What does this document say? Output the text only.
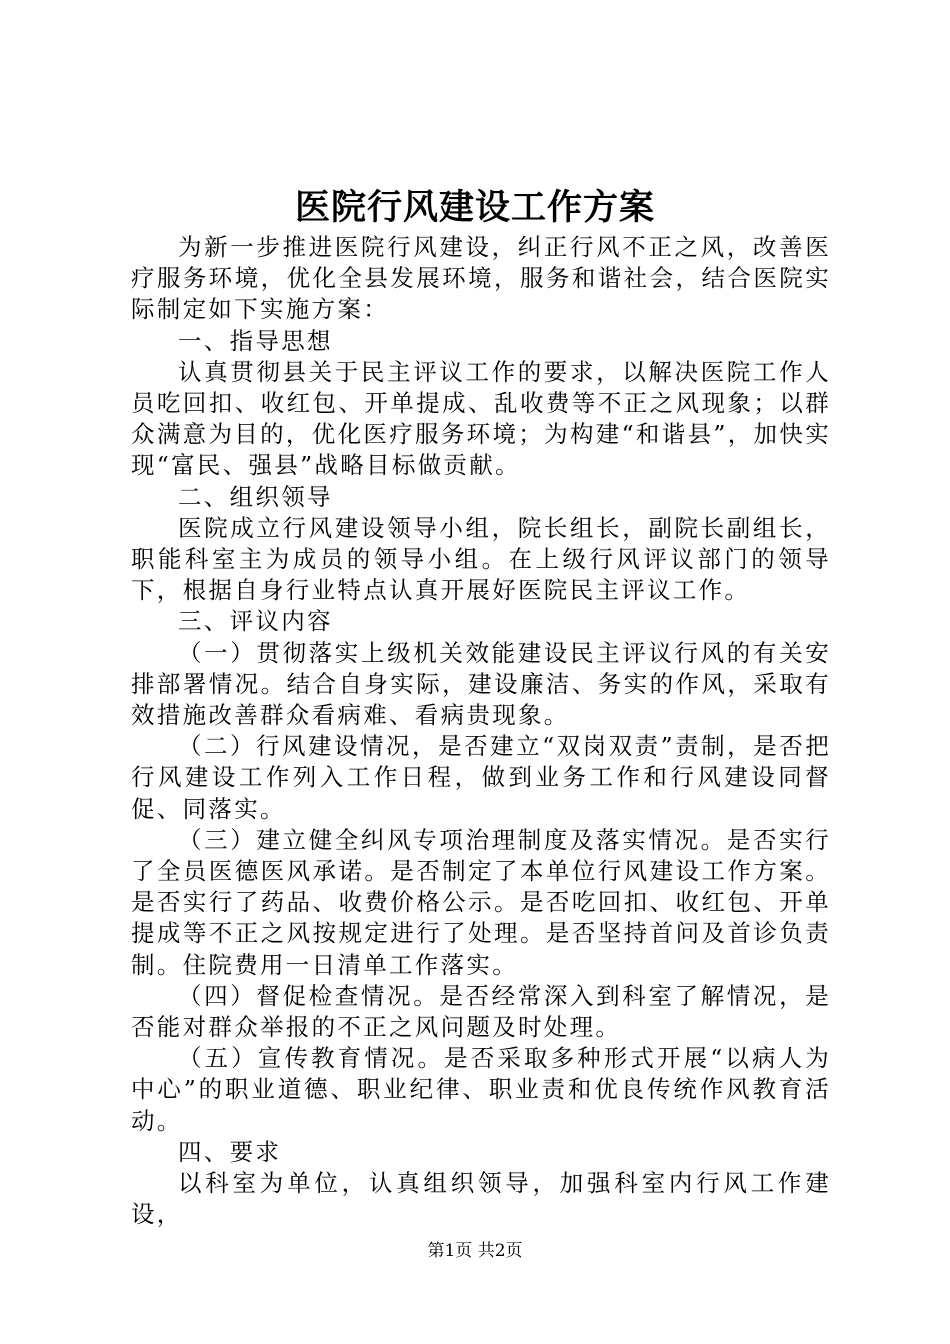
医院行风建设工作方案

为新一步推进医院行风建设，纠正行风不正之风，改善医疗服务环境，优化全县发展环境，服务和谐社会，结合医院实际制定如下实施方案：

一、指导思想

认真贯彻县关于民主评议工作的要求，以解决医院工作人员吃回扣、收红包、开单提成、乱收费等不正之风现象；以群众满意为目的，优化医疗服务环境；为构建“和谐县”，加快实现“富民、强县”战略目标做贡献。

二、组织领导

医院成立行风建设领导小组，院长组长，副院长副组长，职能科室主为成员的领导小组。在上级行风评议部门的领导下，根据自身行业特点认真开展好医院民主评议工作。

三、评议内容

（一）贯彻落实上级机关效能建设民主评议行风的有关安排部署情况。结合自身实际，建设廉洁、务实的作风，采取有效措施改善群众看病难、看病贵现象。

（二）行风建设情况，是否建立“双岗双责”责制，是否把行风建设工作列入工作日程，做到业务工作和行风建设同督促、同落实。

（三）建立健全纠风专项治理制度及落实情况。是否实行了全员医德医风承诺。是否制定了本单位行风建设工作方案。是否实行了药品、收费价格公示。是否吃回扣、收红包、开单提成等不正之风按规定进行了处理。是否坚持首问及首诊负责制。住院费用一日清单工作落实。

（四）督促检查情况。是否经常深入到科室了解情况，是否能对群众举报的不正之风问题及时处理。

（五）宣传教育情况。是否采取多种形式开展“以病人为中心”的职业道德、职业纪律、职业责和优良传统作风教育活动。

四、要求

以科室为单位，认真组织领导，加强科室内行风工作建设，

第1页 共2页
